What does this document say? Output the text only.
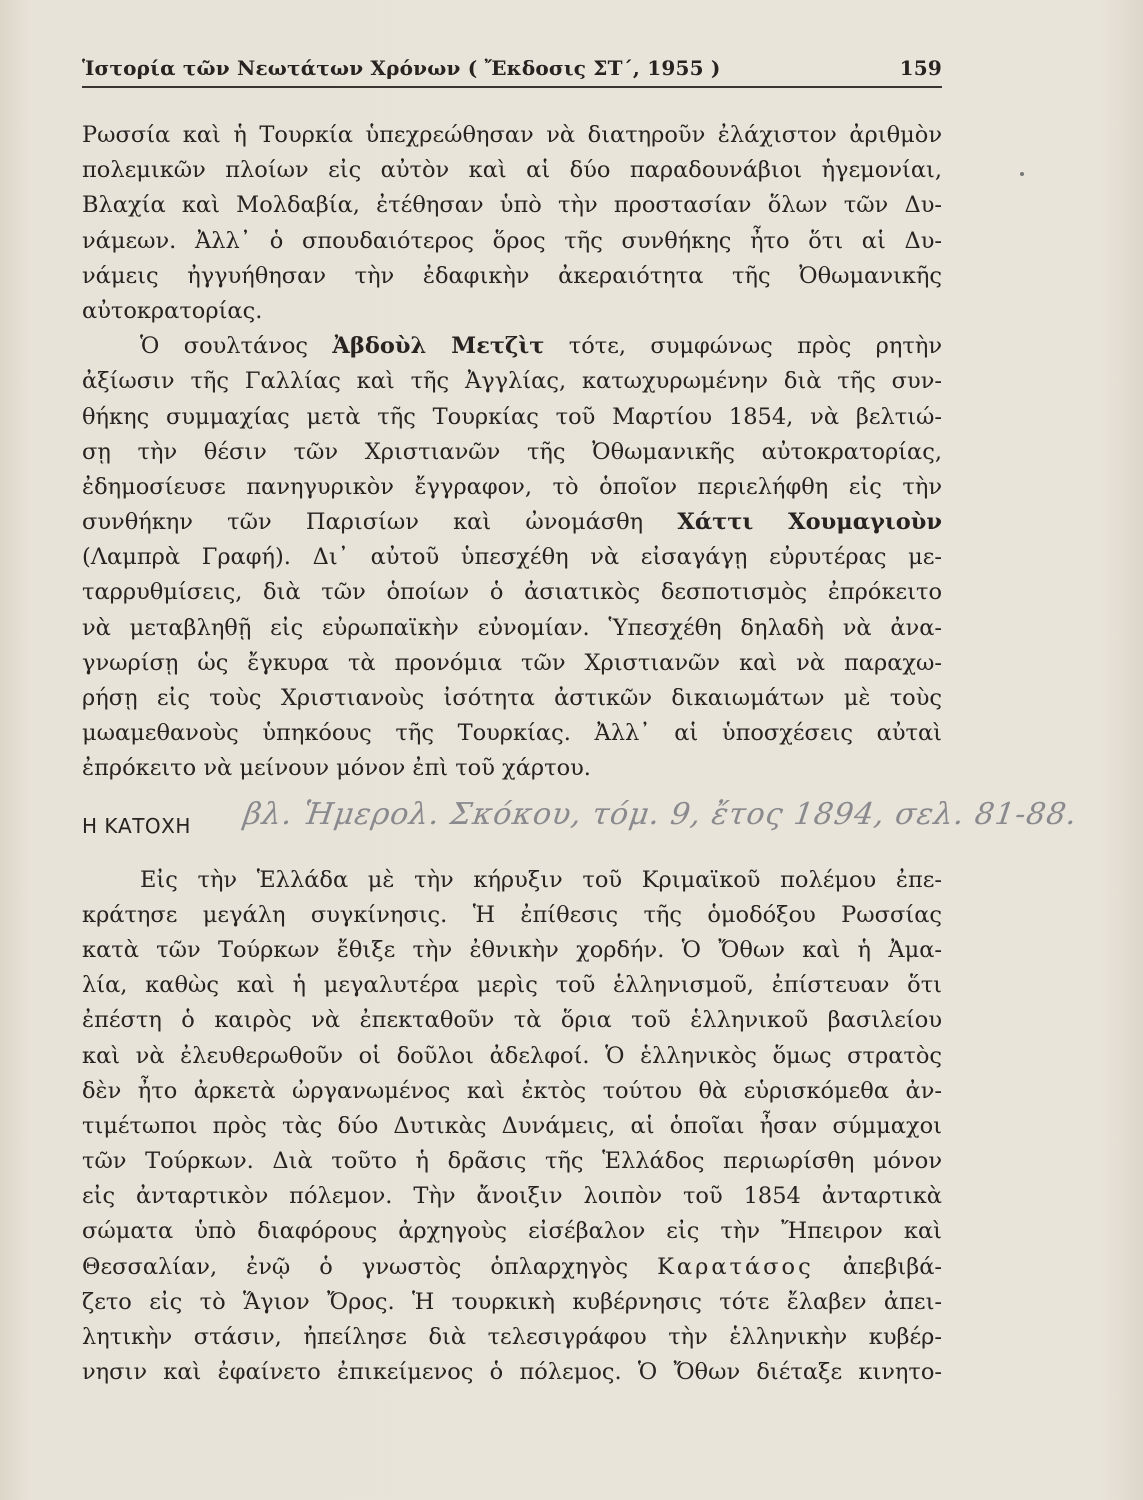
Ἱστορία τῶν Νεωτάτων Χρόνων ( Ἔκδοσις ΣΤ΄, 1955 )	159
Ρωσσία καὶ ἡ Τουρκία ὑπεχρεώθησαν νὰ διατηροῦν ἐλάχιστον ἀριθμὸν
πολεμικῶν πλοίων εἰς αὐτὸν καὶ αἱ δύο παραδουνάβιοι ἡγεμονίαι,
Βλαχία καὶ Μολδαβία, ἐτέθησαν ὑπὸ τὴν προστασίαν ὅλων τῶν Δυ-
νάμεων. Ἀλλ᾽ ὁ σπουδαιότερος ὅρος τῆς συνθήκης ἦτο ὅτι αἱ Δυ-
νάμεις ἠγγυήθησαν τὴν ἐδαφικὴν ἀκεραιότητα τῆς Ὀθωμανικῆς
αὐτοκρατορίας.
Ὁ σουλτάνος Ἀβδοὺλ Μετζὶτ τότε, συμφώνως πρὸς ρητὴν
ἀξίωσιν τῆς Γαλλίας καὶ τῆς Ἀγγλίας, κατωχυρωμένην διὰ τῆς συν-
θήκης συμμαχίας μετὰ τῆς Τουρκίας τοῦ Μαρτίου 1854, νὰ βελτιώ-
σῃ τὴν θέσιν τῶν Χριστιανῶν τῆς Ὀθωμανικῆς αὐτοκρατορίας,
ἐδημοσίευσε πανηγυρικὸν ἔγγραφον, τὸ ὁποῖον περιελήφθη εἰς τὴν
συνθήκην τῶν Παρισίων καὶ ὠνομάσθη Χάττι Χουμαγιοὺν
(Λαμπρὰ Γραφή). Δι᾽ αὐτοῦ ὑπεσχέθη νὰ εἰσαγάγῃ εὐρυτέρας με-
ταρρυθμίσεις, διὰ τῶν ὁποίων ὁ ἀσιατικὸς δεσποτισμὸς ἐπρόκειτο
νὰ μεταβληθῇ εἰς εὐρωπαϊκὴν εὐνομίαν. Ὑπεσχέθη δηλαδὴ νὰ ἀνα-
γνωρίσῃ ὡς ἔγκυρα τὰ προνόμια τῶν Χριστιανῶν καὶ νὰ παραχω-
ρήσῃ εἰς τοὺς Χριστιανοὺς ἰσότητα ἀστικῶν δικαιωμάτων μὲ τοὺς
μωαμεθανοὺς ὑπηκόους τῆς Τουρκίας. Ἀλλ᾽ αἱ ὑποσχέσεις αὐταὶ
ἐπρόκειτο νὰ μείνουν μόνον ἐπὶ τοῦ χάρτου.
Η ΚΑΤΟΧΗ βλ. Ἡμερολ. Σκόκου, τόμ. 9, ἔτος 1894, σελ. 81-88.
Εἰς τὴν Ἑλλάδα μὲ τὴν κήρυξιν τοῦ Κριμαϊκοῦ πολέμου ἐπε-
κράτησε μεγάλη συγκίνησις. Ἡ ἐπίθεσις τῆς ὁμοδόξου Ρωσσίας
κατὰ τῶν Τούρκων ἔθιξε τὴν ἐθνικὴν χορδήν. Ὁ Ὄθων καὶ ἡ Ἀμα-
λία, καθὼς καὶ ἡ μεγαλυτέρα μερὶς τοῦ ἑλληνισμοῦ, ἐπίστευαν ὅτι
ἐπέστη ὁ καιρὸς νὰ ἐπεκταθοῦν τὰ ὅρια τοῦ ἑλληνικοῦ βασιλείου
καὶ νὰ ἐλευθερωθοῦν οἱ δοῦλοι ἀδελφοί. Ὁ ἑλληνικὸς ὅμως στρατὸς
δὲν ἦτο ἀρκετὰ ὠργανωμένος καὶ ἐκτὸς τούτου θὰ εὑρισκόμεθα ἀν-
τιμέτωποι πρὸς τὰς δύο Δυτικὰς Δυνάμεις, αἱ ὁποῖαι ἦσαν σύμμαχοι
τῶν Τούρκων. Διὰ τοῦτο ἡ δρᾶσις τῆς Ἑλλάδος περιωρίσθη μόνον
εἰς ἀνταρτικὸν πόλεμον. Τὴν ἄνοιξιν λοιπὸν τοῦ 1854 ἀνταρτικὰ
σώματα ὑπὸ διαφόρους ἀρχηγοὺς εἰσέβαλον εἰς τὴν Ἤπειρον καὶ
Θεσσαλίαν, ἐνῷ ὁ γνωστὸς ὁπλαρχηγὸς Καρατάσος ἀπεβιβά-
ζετο εἰς τὸ Ἅγιον Ὄρος. Ἡ τουρκικὴ κυβέρνησις τότε ἔλαβεν ἀπει-
λητικὴν στάσιν, ἠπείλησε διὰ τελεσιγράφου τὴν ἑλληνικὴν κυβέρ-
νησιν καὶ ἐφαίνετο ἐπικείμενος ὁ πόλεμος. Ὁ Ὄθων διέταξε κινητο-
